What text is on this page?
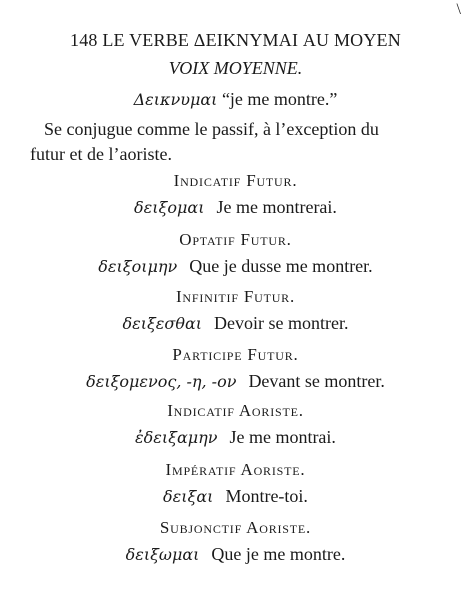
\
148 LE VERBE ΔΕΙΚΝΥΜΑΙ AU MOYEN
VOIX MOYENNE.
Δεικνυμαι “je me montre.”
Se conjugue comme le passif, à l’exception du
futur et de l’aoriste.
Indicatif Futur.
δειξομαι Je me montrerai.
Optatif Futur.
δειξοιμην Que je dusse me montrer.
Infinitif Futur.
δειξεσθαι Devoir se montrer.
Participe Futur.
δειξομενος, -η, -ον Devant se montrer.
Indicatif Aoriste.
ἐδειξαμην Je me montrai.
Impératif Aoriste.
δειξαι Montre-toi.
Subjonctif Aoriste.
δειξωμαι Que je me montre.
